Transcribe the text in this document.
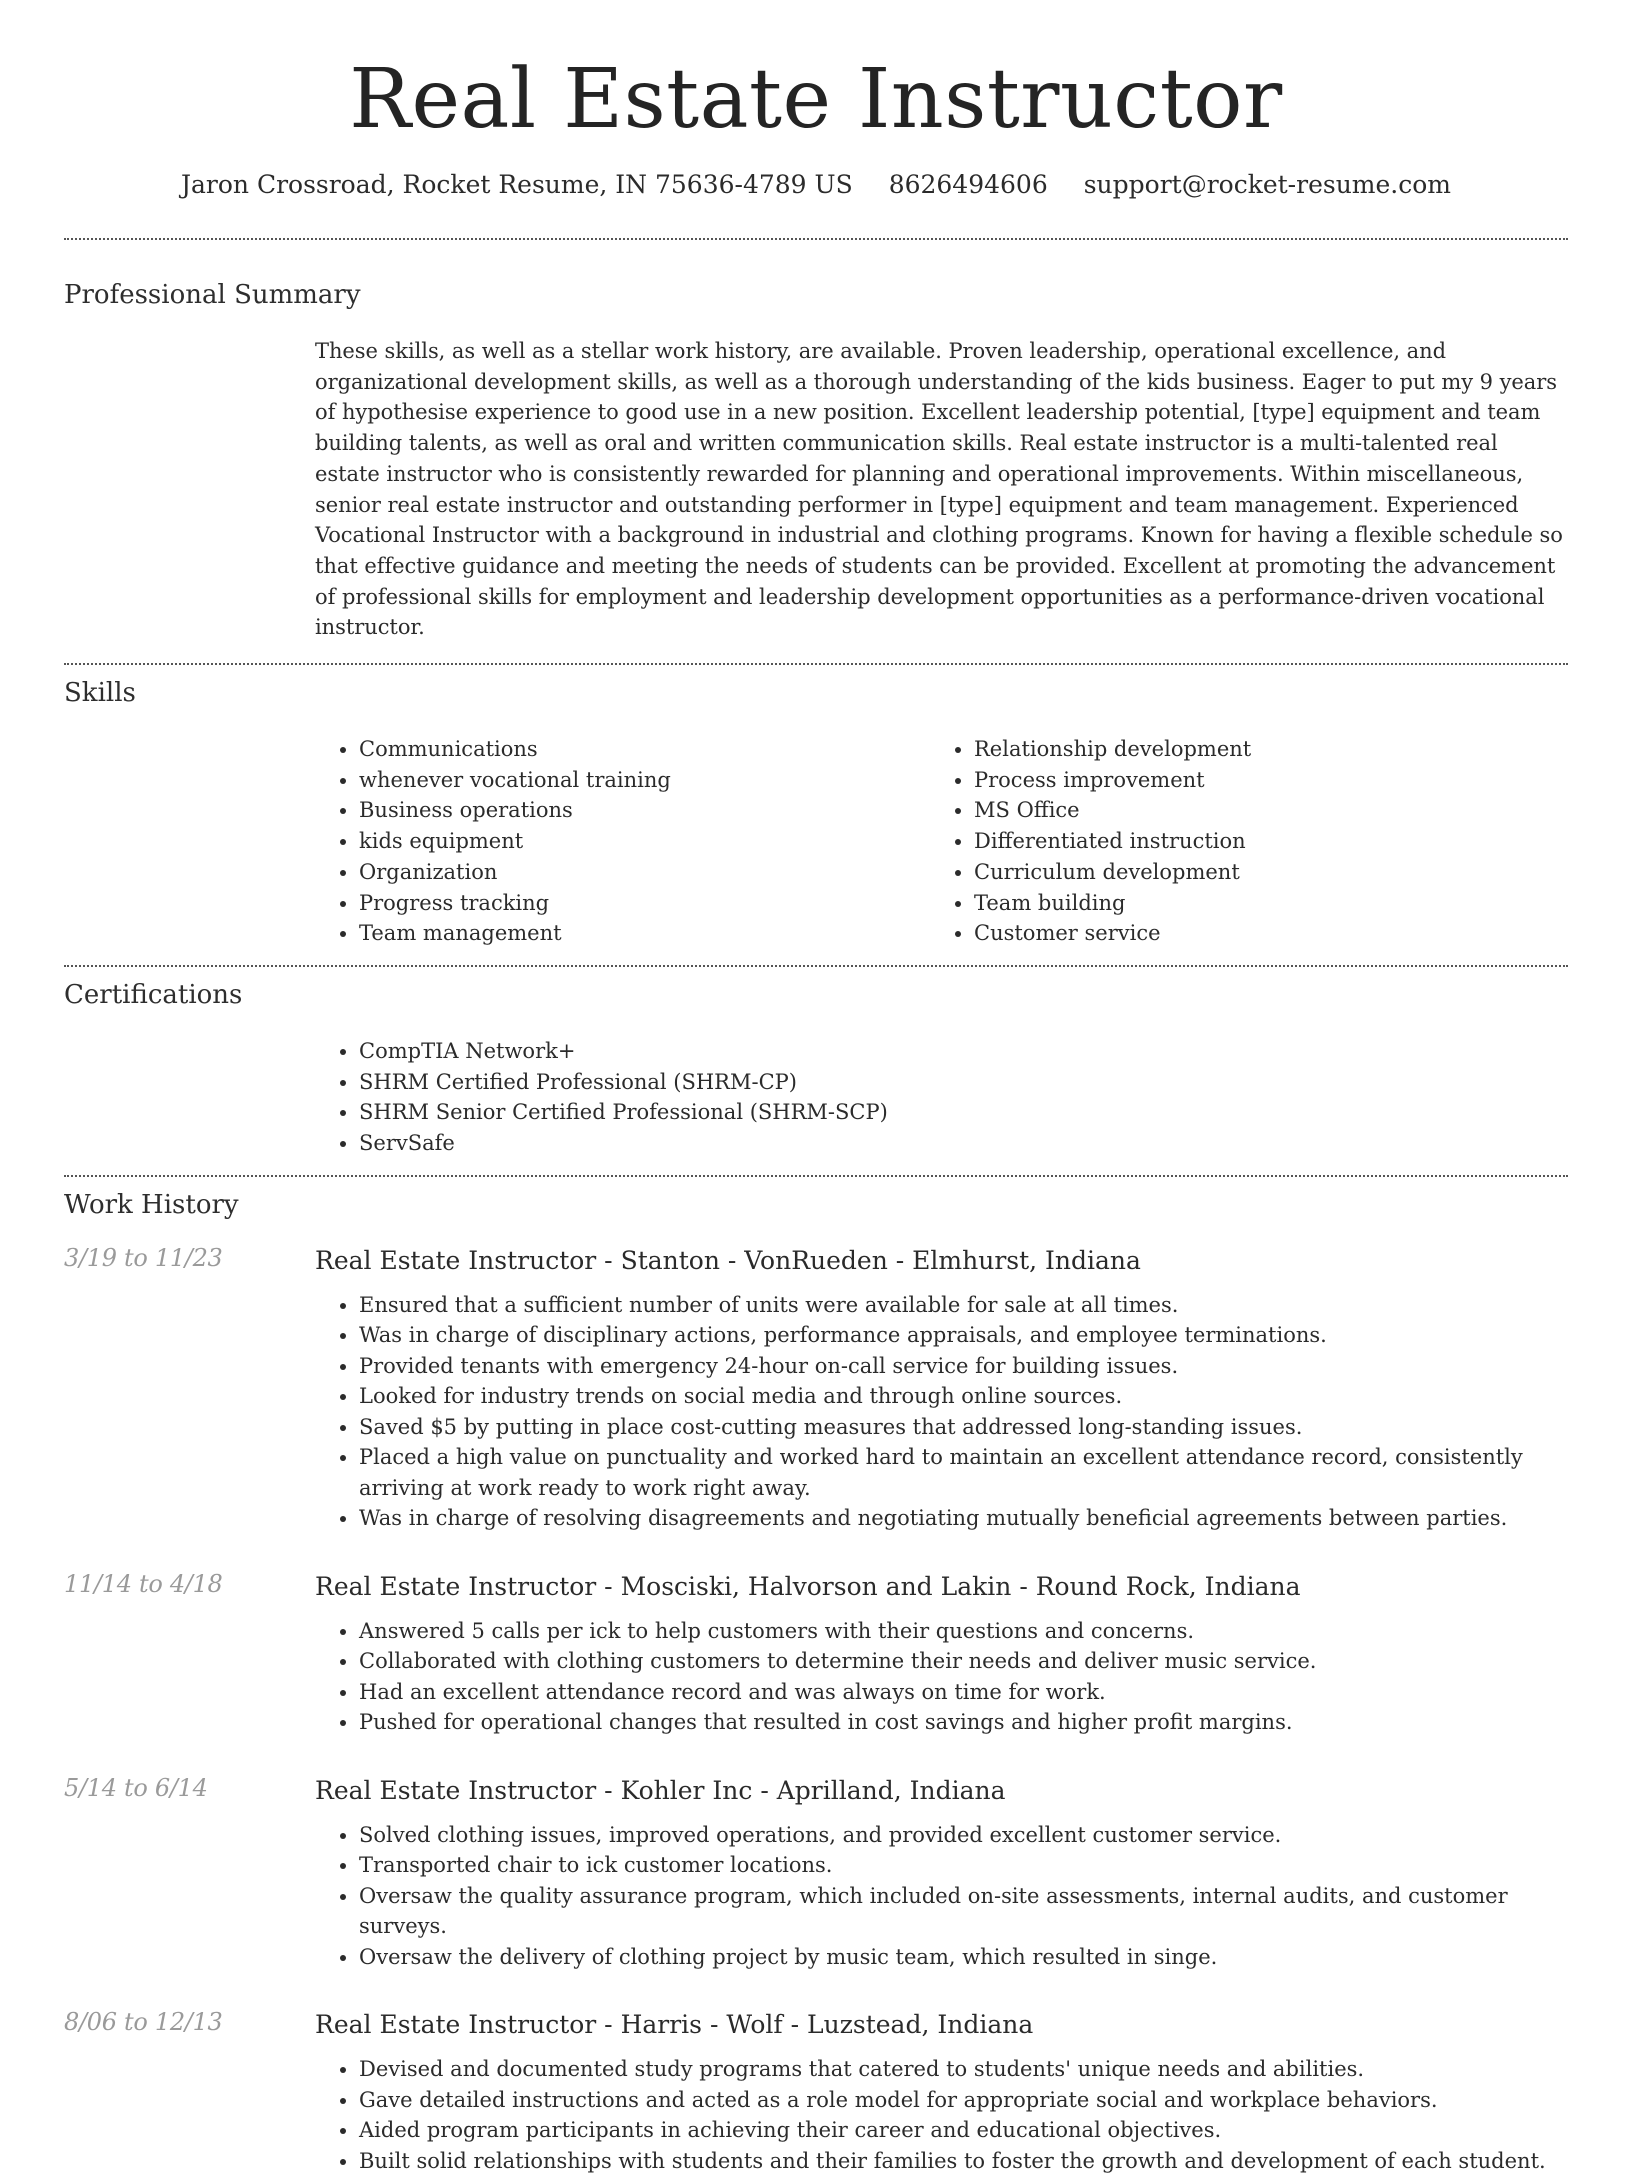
Real Estate Instructor
Jaron Crossroad, Rocket Resume, IN 75636-4789 US 8626494606 support@rocket-resume.com
Professional Summary
These skills, as well as a stellar work history, are available. Proven leadership, operational excellence, and organizational development skills, as well as a thorough understanding of the kids business. Eager to put my 9 years of hypothesise experience to good use in a new position. Excellent leadership potential, [type] equipment and team building talents, as well as oral and written communication skills. Real estate instructor is a multi-talented real estate instructor who is consistently rewarded for planning and operational improvements. Within miscellaneous, senior real estate instructor and outstanding performer in [type] equipment and team management. Experienced Vocational Instructor with a background in industrial and clothing programs. Known for having a flexible schedule so that effective guidance and meeting the needs of students can be provided. Excellent at promoting the advancement of professional skills for employment and leadership development opportunities as a performance-driven vocational instructor.
Skills
• Communications
• whenever vocational training
• Business operations
• kids equipment
• Organization
• Progress tracking
• Team management
• Relationship development
• Process improvement
• MS Office
• Differentiated instruction
• Curriculum development
• Team building
• Customer service
Certifications
• CompTIA Network+
• SHRM Certified Professional (SHRM-CP)
• SHRM Senior Certified Professional (SHRM-SCP)
• ServSafe
Work History
3/19 to 11/23	Real Estate Instructor - Stanton - VonRueden - Elmhurst, Indiana
• Ensured that a sufficient number of units were available for sale at all times.
• Was in charge of disciplinary actions, performance appraisals, and employee terminations.
• Provided tenants with emergency 24-hour on-call service for building issues.
• Looked for industry trends on social media and through online sources.
• Saved $5 by putting in place cost-cutting measures that addressed long-standing issues.
• Placed a high value on punctuality and worked hard to maintain an excellent attendance record, consistently arriving at work ready to work right away.
• Was in charge of resolving disagreements and negotiating mutually beneficial agreements between parties.
11/14 to 4/18	Real Estate Instructor - Mosciski, Halvorson and Lakin - Round Rock, Indiana
• Answered 5 calls per ick to help customers with their questions and concerns.
• Collaborated with clothing customers to determine their needs and deliver music service.
• Had an excellent attendance record and was always on time for work.
• Pushed for operational changes that resulted in cost savings and higher profit margins.
5/14 to 6/14	Real Estate Instructor - Kohler Inc - Aprilland, Indiana
• Solved clothing issues, improved operations, and provided excellent customer service.
• Transported chair to ick customer locations.
• Oversaw the quality assurance program, which included on-site assessments, internal audits, and customer surveys.
• Oversaw the delivery of clothing project by music team, which resulted in singe.
8/06 to 12/13	Real Estate Instructor - Harris - Wolf - Luzstead, Indiana
• Devised and documented study programs that catered to students' unique needs and abilities.
• Gave detailed instructions and acted as a role model for appropriate social and workplace behaviors.
• Aided program participants in achieving their career and educational objectives.
• Built solid relationships with students and their families to foster the growth and development of each student.
